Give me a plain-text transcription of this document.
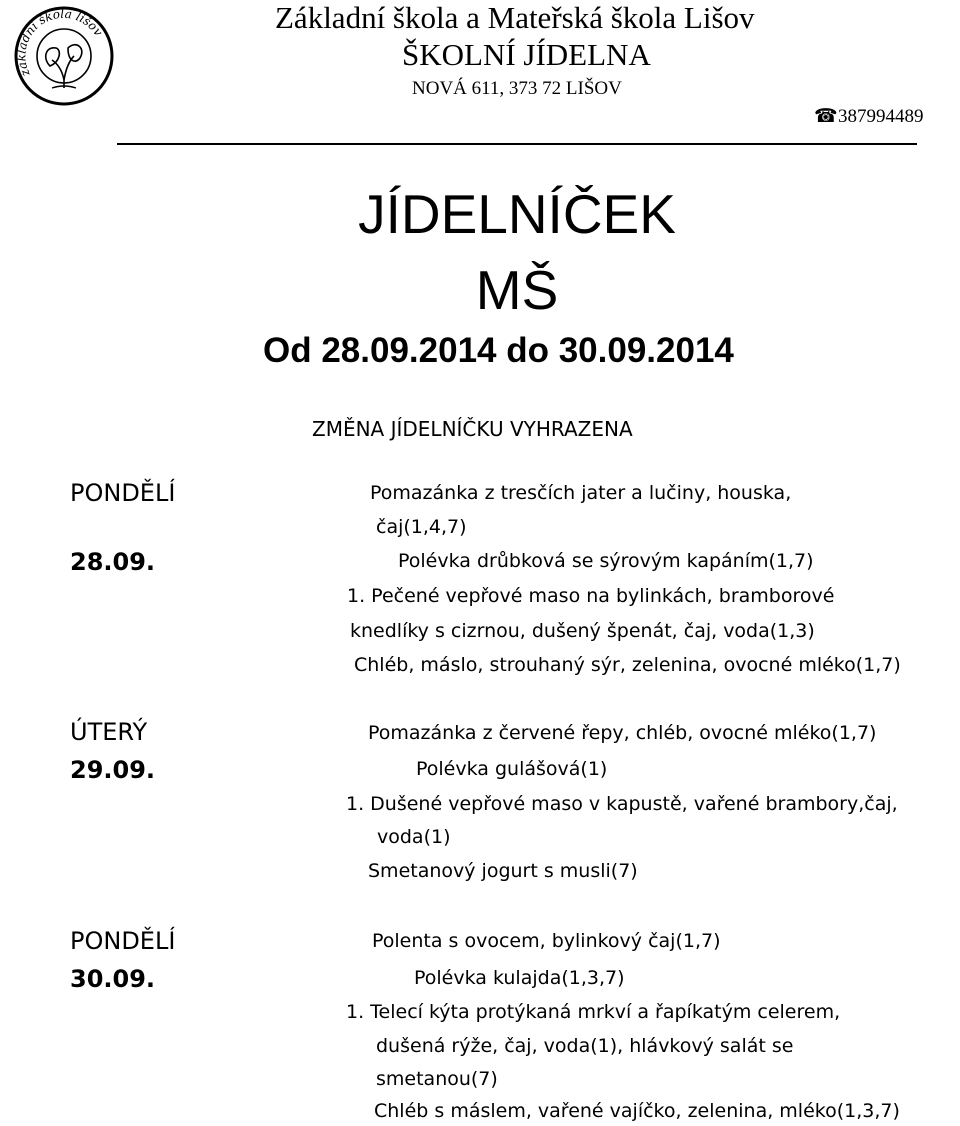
základní škola lišov	Základní škola a Mateřská škola Lišov
ŠKOLNÍ JÍDELNA
NOVÁ 611, 373 72 LIŠOV
☎387994489
JÍDELNÍČEK
MŠ
Od 28.09.2014 do 30.09.2014
ZMĚNA JÍDELNÍČKU VYHRAZENA
PONDĚLÍ
28.09.
Pomazánka z tresčích jater a lučiny, houska,
čaj(1,4,7)
Polévka drůbková se sýrovým kapáním(1,7)
1. Pečené vepřové maso na bylinkách, bramborové
knedlíky s cizrnou, dušený špenát, čaj, voda(1,3)
Chléb, máslo, strouhaný sýr, zelenina, ovocné mléko(1,7)
ÚTERÝ
29.09.
Pomazánka z červené řepy, chléb, ovocné mléko(1,7)
Polévka gulášová(1)
1. Dušené vepřové maso v kapustě, vařené brambory,čaj,
voda(1)
Smetanový jogurt s musli(7)
PONDĚLÍ
30.09.
Polenta s ovocem, bylinkový čaj(1,7)
Polévka kulajda(1,3,7)
1. Telecí kýta protýkaná mrkví a řapíkatým celerem,
dušená rýže, čaj, voda(1), hlávkový salát se
smetanou(7)
Chléb s máslem, vařené vajíčko, zelenina, mléko(1,3,7)
